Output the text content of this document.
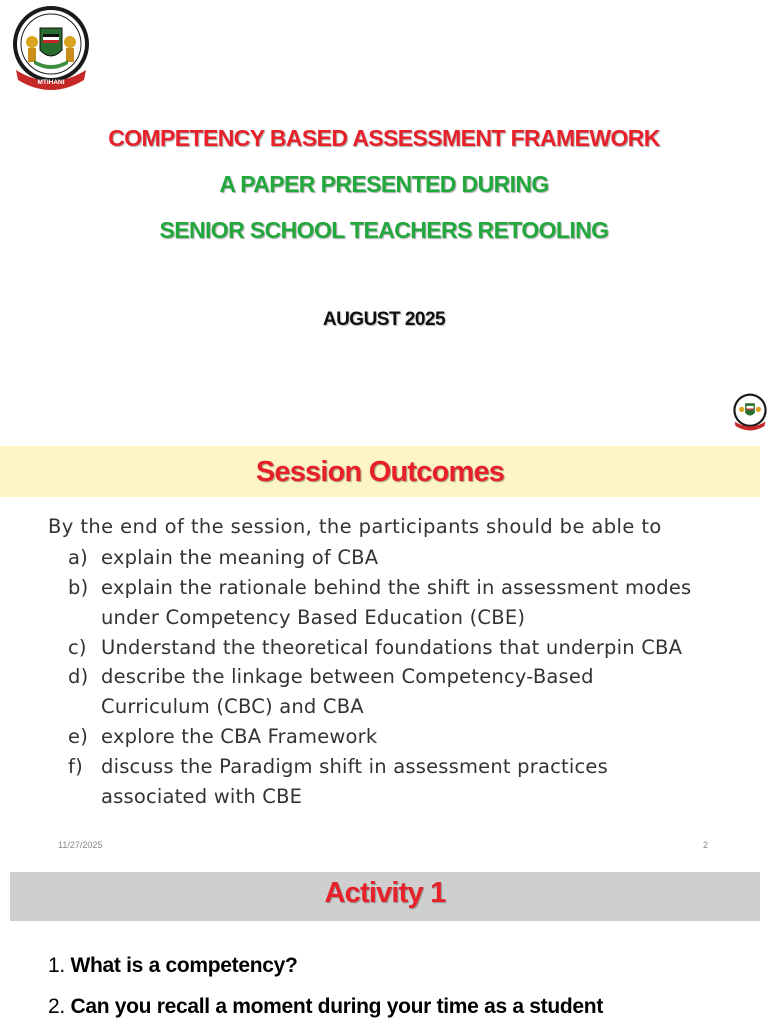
MTIHANI
COMPETENCY BASED ASSESSMENT FRAMEWORK
A PAPER PRESENTED DURING
SENIOR SCHOOL TEACHERS RETOOLING
AUGUST 2025
Session Outcomes
By the end of the session, the participants should be able to
a) explain the meaning of CBA
b) explain the rationale behind the shift in assessment modes
under Competency Based Education (CBE)
c) Understand the theoretical foundations that underpin CBA
d) describe the linkage between Competency-Based
Curriculum (CBC) and CBA
e) explore the CBA Framework
f) discuss the Paradigm shift in assessment practices
associated with CBE
11/27/2025	2
Activity 1
1. What is a competency?
2. Can you recall a moment during your time as a student
